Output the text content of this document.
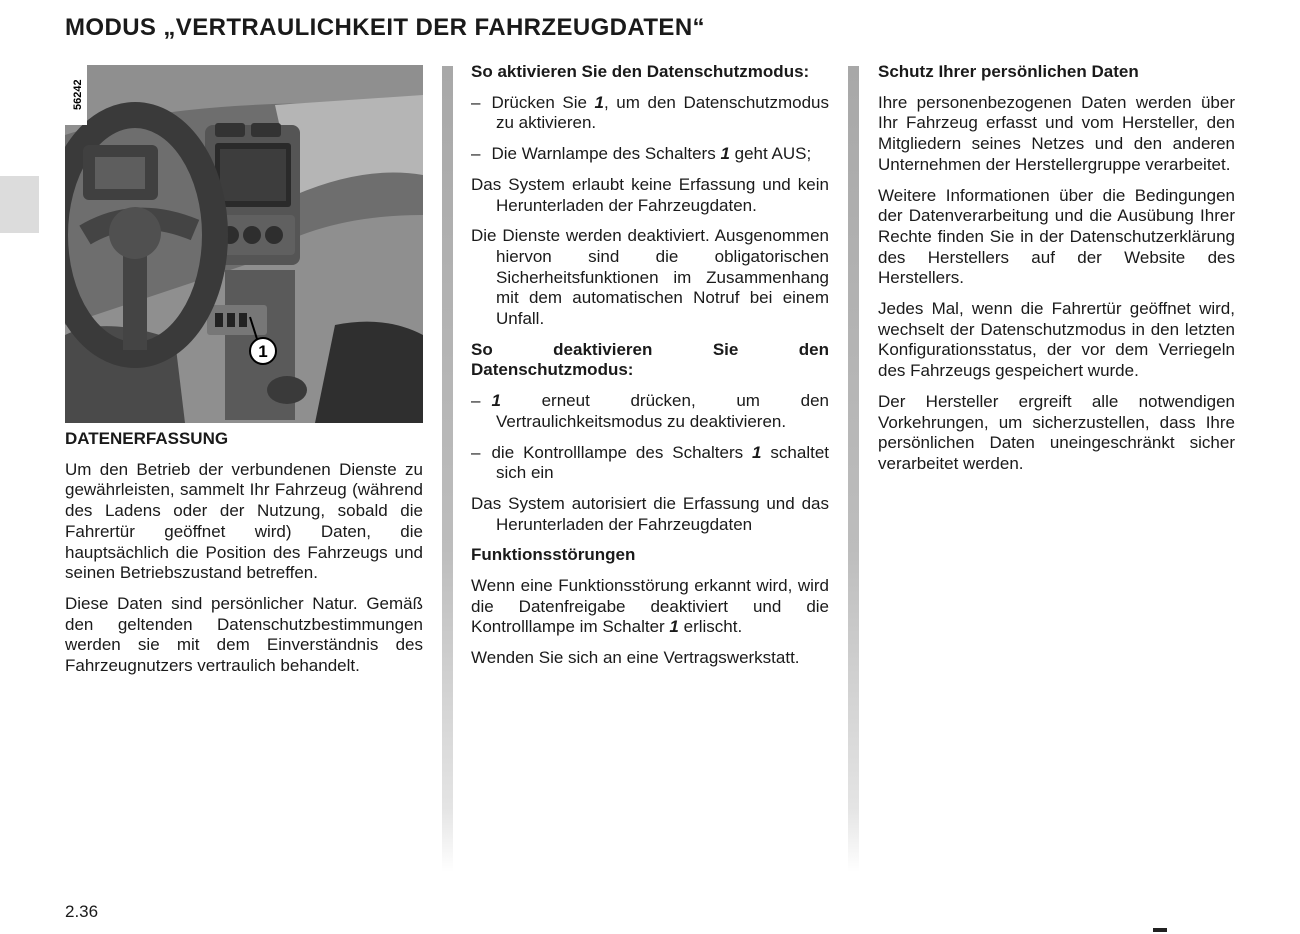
MODUS „VERTRAULICHKEIT DER FAHRZEUGDATEN“
1
56242
DATENERFASSUNG

Um den Betrieb der verbundenen Dienste zu gewährleisten, sammelt Ihr Fahrzeug (während des Ladens oder der Nutzung, sobald die Fahrertür geöffnet wird) Daten, die hauptsächlich die Position des Fahrzeugs und seinen Betriebszustand betreffen.

Diese Daten sind persönlicher Natur. Gemäß den geltenden Datenschutzbestimmungen werden sie mit dem Einverständnis des Fahrzeugnutzers vertraulich behandelt.

So aktivieren Sie den Datenschutzmodus:

– Drücken Sie 1, um den Datenschutzmodus zu aktivieren.

– Die Warnlampe des Schalters 1 geht AUS;

Das System erlaubt keine Erfassung und kein Herunterladen der Fahrzeugdaten.

Die Dienste werden deaktiviert. Ausgenommen hiervon sind die obligatorischen Sicherheitsfunktionen im Zusammenhang mit dem automatischen Notruf bei einem Unfall.

So deaktivieren Sie den Datenschutzmodus:

– 1 erneut drücken, um den Vertraulichkeitsmodus zu deaktivieren.

– die Kontrolllampe des Schalters 1 schaltet sich ein

Das System autorisiert die Erfassung und das Herunterladen der Fahrzeugdaten

Funktionsstörungen

Wenn eine Funktionsstörung erkannt wird, wird die Datenfreigabe deaktiviert und die Kontrolllampe im Schalter 1 erlischt.

Wenden Sie sich an eine Vertragswerkstatt.

Schutz Ihrer persönlichen Daten

Ihre personenbezogenen Daten werden über Ihr Fahrzeug erfasst und vom Hersteller, den Mitgliedern seines Netzes und den anderen Unternehmen der Herstellergruppe verarbeitet.

Weitere Informationen über die Bedingungen der Datenverarbeitung und die Ausübung Ihrer Rechte finden Sie in der Datenschutzerklärung des Herstellers auf der Website des Herstellers.

Jedes Mal, wenn die Fahrertür geöffnet wird, wechselt der Datenschutzmodus in den letzten Konfigurationsstatus, der vor dem Verriegeln des Fahrzeugs gespeichert wurde.

Der Hersteller ergreift alle notwendigen Vorkehrungen, um sicherzustellen, dass Ihre persönlichen Daten uneingeschränkt sicher verarbeitet werden.

2.36
